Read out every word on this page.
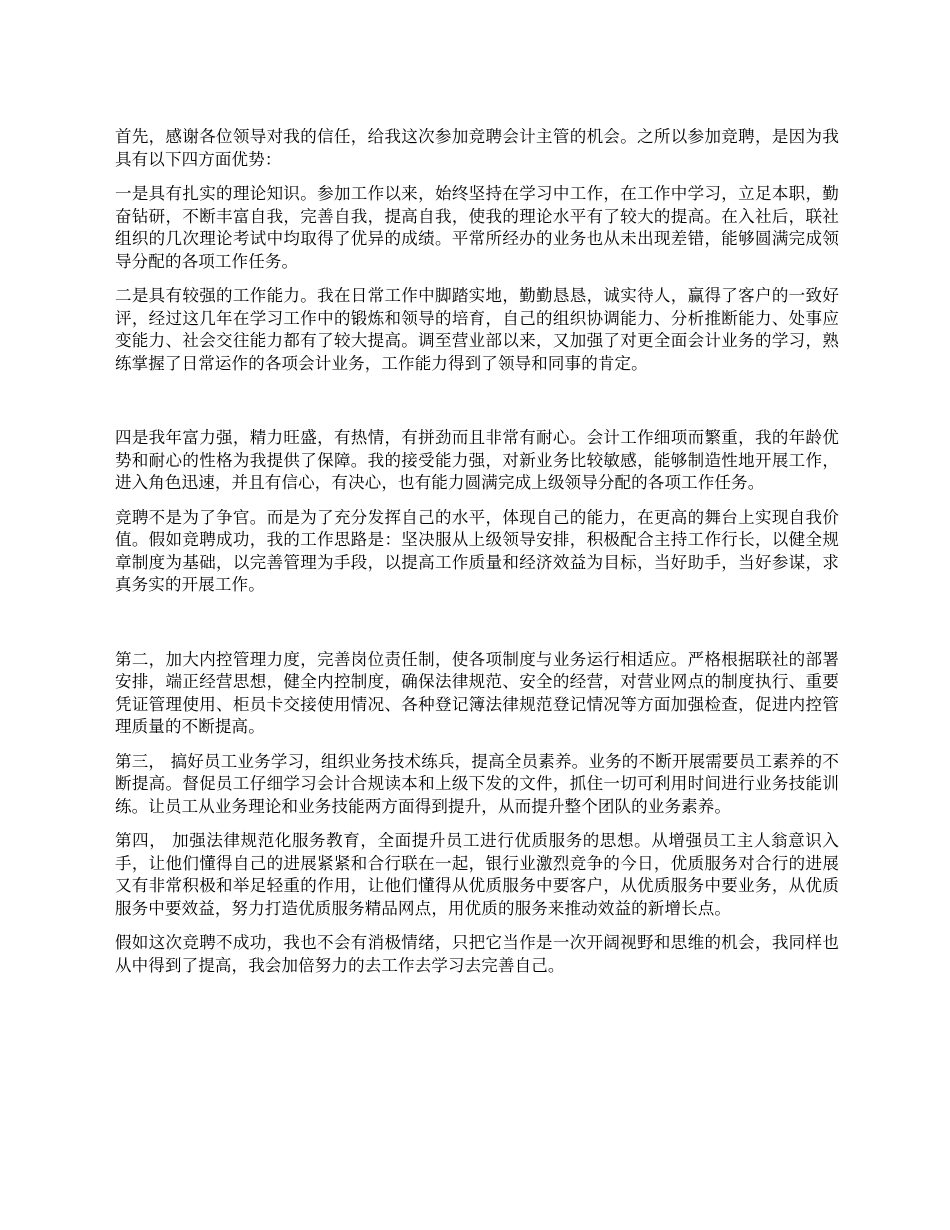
首先，感谢各位领导对我的信任，给我这次参加竞聘会计主管的机会。之所以参加竞聘，是因为我具有以下四方面优势：

一是具有扎实的理论知识。参加工作以来，始终坚持在学习中工作，在工作中学习，立足本职，勤奋钻研，不断丰富自我，完善自我，提高自我，使我的理论水平有了较大的提高。在入社后，联社组织的几次理论考试中均取得了优异的成绩。平常所经办的业务也从未出现差错，能够圆满完成领导分配的各项工作任务。

二是具有较强的工作能力。我在日常工作中脚踏实地，勤勤恳恳，诚实待人，赢得了客户的一致好评，经过这几年在学习工作中的锻炼和领导的培育，自己的组织协调能力、分析推断能力、处事应变能力、社会交往能力都有了较大提高。调至营业部以来，又加强了对更全面会计业务的学习，熟练掌握了日常运作的各项会计业务，工作能力得到了领导和同事的肯定。

四是我年富力强，精力旺盛，有热情，有拼劲而且非常有耐心。会计工作细项而繁重，我的年龄优势和耐心的性格为我提供了保障。我的接受能力强，对新业务比较敏感，能够制造性地开展工作，进入角色迅速，并且有信心，有决心，也有能力圆满完成上级领导分配的各项工作任务。

竞聘不是为了争官。而是为了充分发挥自己的水平，体现自己的能力，在更高的舞台上实现自我价值。假如竞聘成功，我的工作思路是：坚决服从上级领导安排，积极配合主持工作行长，以健全规章制度为基础，以完善管理为手段，以提高工作质量和经济效益为目标，当好助手，当好参谋，求真务实的开展工作。

第二，加大内控管理力度，完善岗位责任制，使各项制度与业务运行相适应。严格根据联社的部署安排，端正经营思想，健全内控制度，确保法律规范、安全的经营，对营业网点的制度执行、重要凭证管理使用、柜员卡交接使用情况、各种登记簿法律规范登记情况等方面加强检查，促进内控管理质量的不断提高。

第三， 搞好员工业务学习，组织业务技术练兵，提高全员素养。业务的不断开展需要员工素养的不断提高。督促员工仔细学习会计合规读本和上级下发的文件，抓住一切可利用时间进行业务技能训练。让员工从业务理论和业务技能两方面得到提升，从而提升整个团队的业务素养。

第四， 加强法律规范化服务教育，全面提升员工进行优质服务的思想。从增强员工主人翁意识入手，让他们懂得自己的进展紧紧和合行联在一起，银行业激烈竞争的今日，优质服务对合行的进展又有非常积极和举足轻重的作用，让他们懂得从优质服务中要客户，从优质服务中要业务，从优质服务中要效益，努力打造优质服务精品网点，用优质的服务来推动效益的新增长点。

假如这次竞聘不成功，我也不会有消极情绪，只把它当作是一次开阔视野和思维的机会，我同样也从中得到了提高，我会加倍努力的去工作去学习去完善自己。
